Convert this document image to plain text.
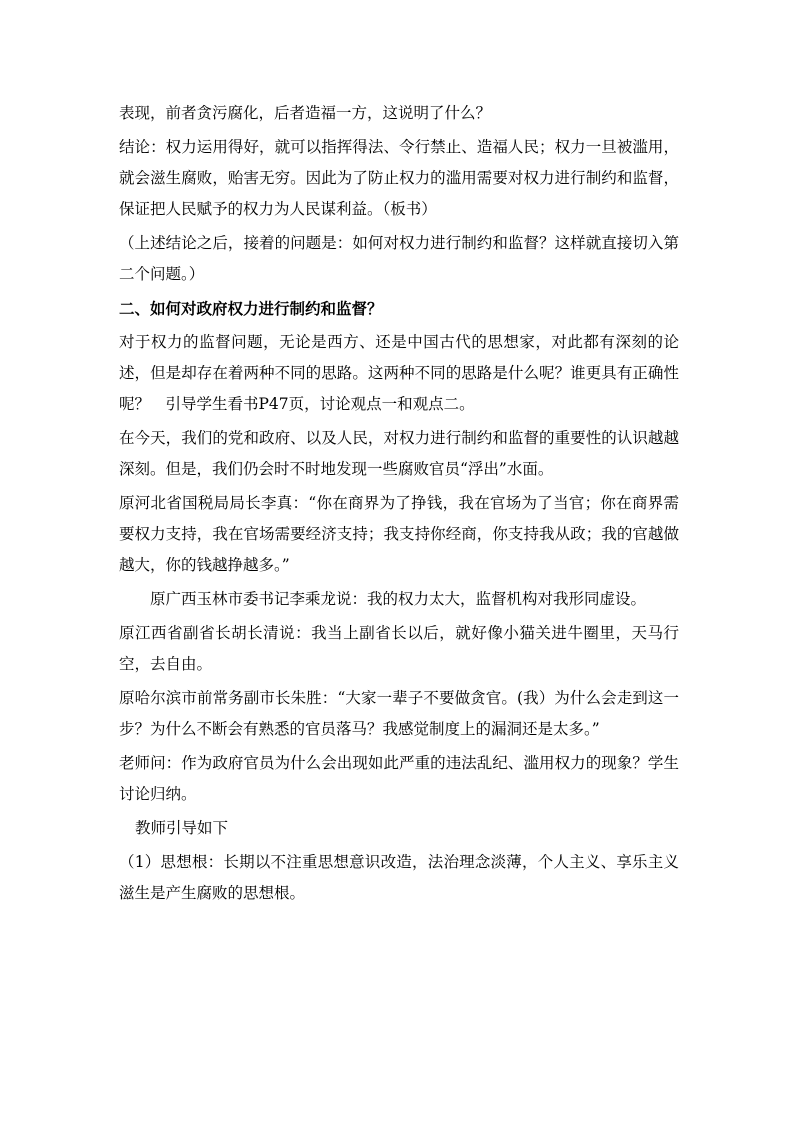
表现，前者贪污腐化，后者造福一方，这说明了什么？

结论：权力运用得好，就可以指挥得法、令行禁止、造福人民；权力一旦被滥用，就会滋生腐败，贻害无穷。因此为了防止权力的滥用需要对权力进行制约和监督，保证把人民赋予的权力为人民谋利益。（板书）

（上述结论之后，接着的问题是：如何对权力进行制约和监督？这样就直接切入第二个问题。）

二、如何对政府权力进行制约和监督？

对于权力的监督问题，无论是西方、还是中国古代的思想家，对此都有深刻的论述，但是却存在着两种不同的思路。这两种不同的思路是什么呢？谁更具有正确性呢？　引导学生看书P47页，讨论观点一和观点二。

在今天，我们的党和政府、以及人民，对权力进行制约和监督的重要性的认识越越深刻。但是，我们仍会时不时地发现一些腐败官员“浮出”水面。

原河北省国税局局长李真：“你在商界为了挣钱，我在官场为了当官；你在商界需要权力支持，我在官场需要经济支持；我支持你经商，你支持我从政；我的官越做越大，你的钱越挣越多。”

原广西玉林市委书记李乘龙说：我的权力太大，监督机构对我形同虚设。

原江西省副省长胡长清说：我当上副省长以后，就好像小猫关进牛圈里，天马行空，去自由。

原哈尔滨市前常务副市长朱胜：“大家一辈子不要做贪官。(我）为什么会走到这一步？为什么不断会有熟悉的官员落马？我感觉制度上的漏洞还是太多。”

老师问：作为政府官员为什么会出现如此严重的违法乱纪、滥用权力的现象？学生讨论归纳。

教师引导如下

（1）思想根：长期以不注重思想意识改造，法治理念淡薄，个人主义、享乐主义滋生是产生腐败的思想根。
